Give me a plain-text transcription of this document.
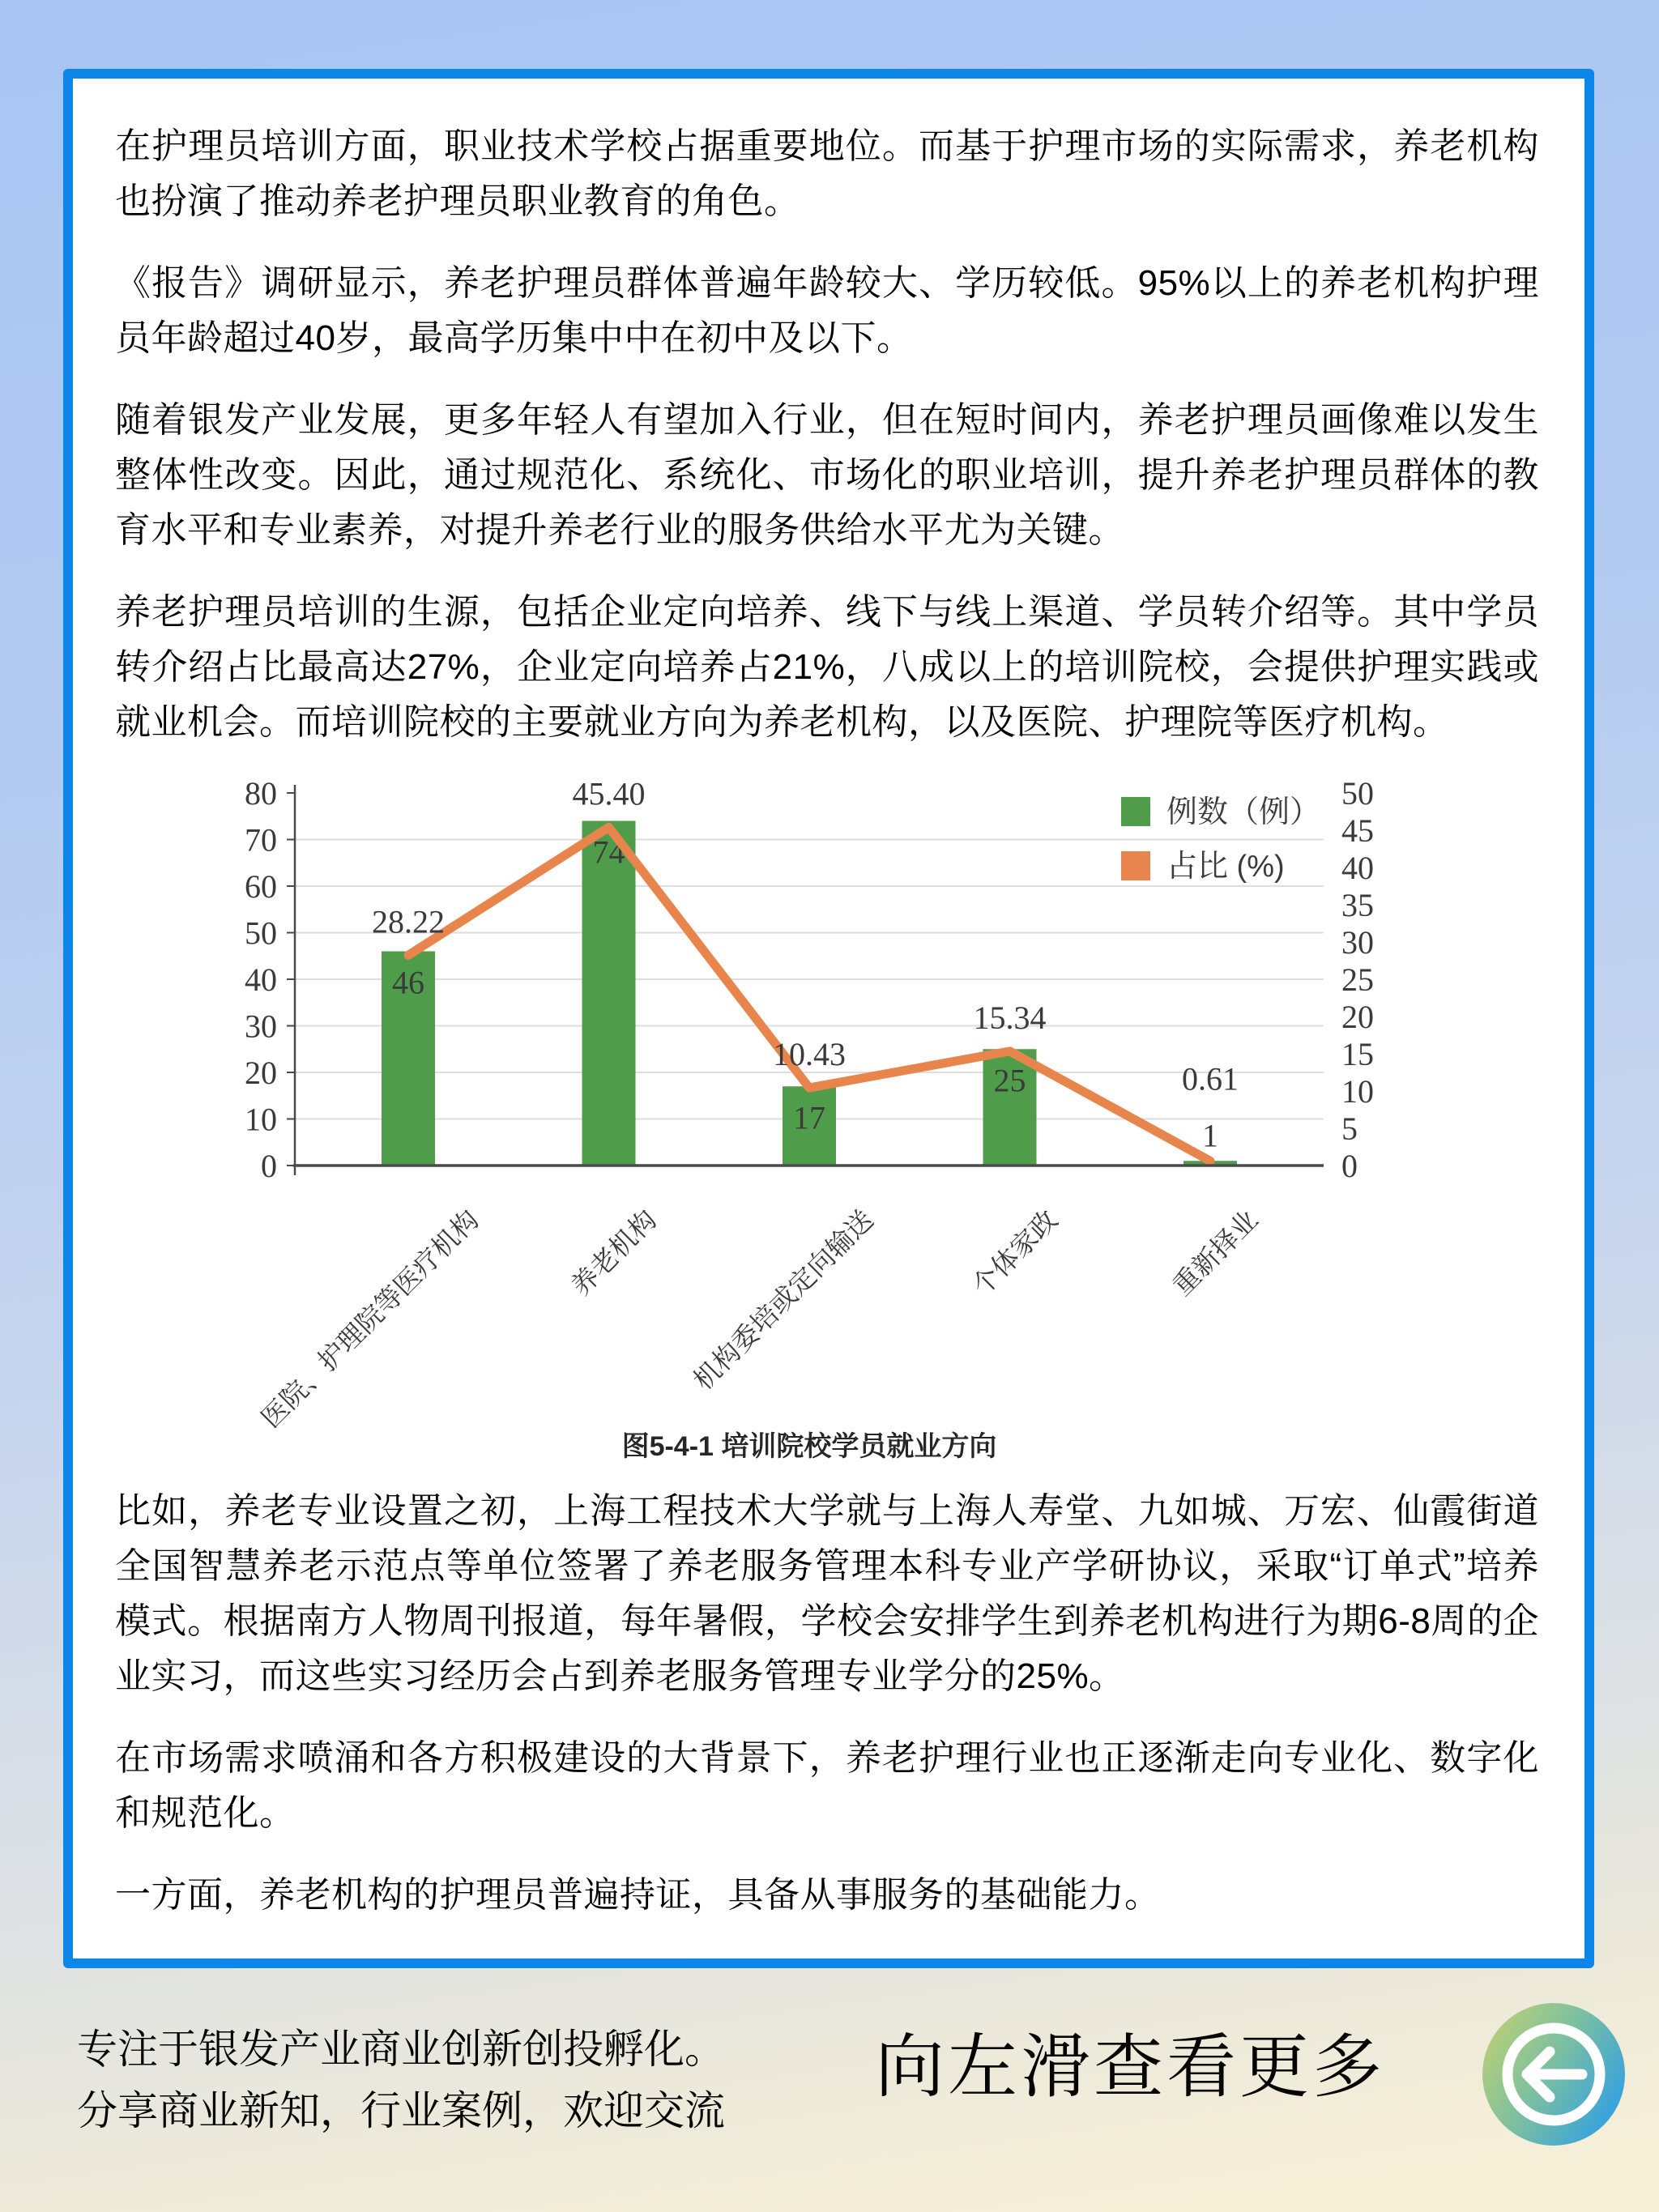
在护理员培训方面，职业技术学校占据重要地位。而基于护理市场的实际需求，养老机构也扮演了推动养老护理员职业教育的角色。

《报告》调研显示，养老护理员群体普遍年龄较大、学历较低。95%以上的养老机构护理员年龄超过40岁，最高学历集中中在初中及以下。

随着银发产业发展，更多年轻人有望加入行业，但在短时间内，养老护理员画像难以发生整体性改变。因此，通过规范化、系统化、市场化的职业培训，提升养老护理员群体的教育水平和专业素养，对提升养老行业的服务供给水平尤为关键。

养老护理员培训的生源，包括企业定向培养、线下与线上渠道、学员转介绍等。其中学员转介绍占比最高达27%，企业定向培养占21%，八成以上的培训院校，会提供护理实践或就业机会。而培训院校的主要就业方向为养老机构，以及医院、护理院等医疗机构。

46
74
17
25
1
28.22
45.40
10.43
15.34
0.61
0
10
20
30
40
50
60
70
80
0
5
10
15
20
25
30
35
40
45
50
医院、护理院等医疗机构	养老机构 机构委培或定向输送	个体家政	重新择业
例数（例）
占比 (%)
图5-4-1 培训院校学员就业方向

比如，养老专业设置之初，上海工程技术大学就与上海人寿堂、九如城、万宏、仙霞街道全国智慧养老示范点等单位签署了养老服务管理本科专业产学研协议，采取“订单式”培养模式。根据南方人物周刊报道，每年暑假，学校会安排学生到养老机构进行为期6-8周的企业实习，而这些实习经历会占到养老服务管理专业学分的25%。

在市场需求喷涌和各方积极建设的大背景下，养老护理行业也正逐渐走向专业化、数字化和规范化。

一方面，养老机构的护理员普遍持证，具备从事服务的基础能力。

专注于银发产业商业创新创投孵化。
分享商业新知，行业案例，欢迎交流
向左滑查看更多
